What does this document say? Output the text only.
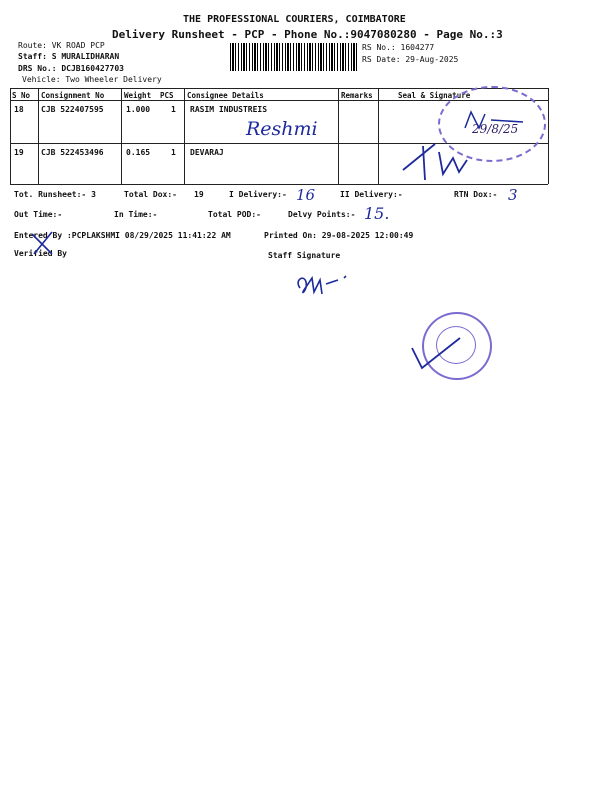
THE PROFESSIONAL COURIERS, COIMBATORE
Delivery Runsheet - PCP - Phone No.:9047080280 - Page No.:3
Route: VK ROAD PCP
Staff: S MURALIDHARAN
DRS No.: DCJB160427703
Vehicle: Two Wheeler Delivery
RS No.: 1604277
RS Date: 29-Aug-2025
S No Consignment No	Weight PCS Consignee Details	Remarks	Seal & Signature
18 CJB 522407595	1.000	1 RASIM INDUSTREIS
Reshmi
19 CJB 522453496	0.165	1 DEVARAJ
29/8/25
Tot. Runsheet:- 3	Total Dox:- 19	I Delivery:- 16	II Delivery:-	RTN Dox:- 3
Out Time:-	In Time:-	Total POD:-	Delvy Points:- 15.
Entered By :PCPLAKSHMI 08/29/2025 11:41:22 AM	Printed On: 29-08-2025 12:00:49
Verified By	Staff Signature
